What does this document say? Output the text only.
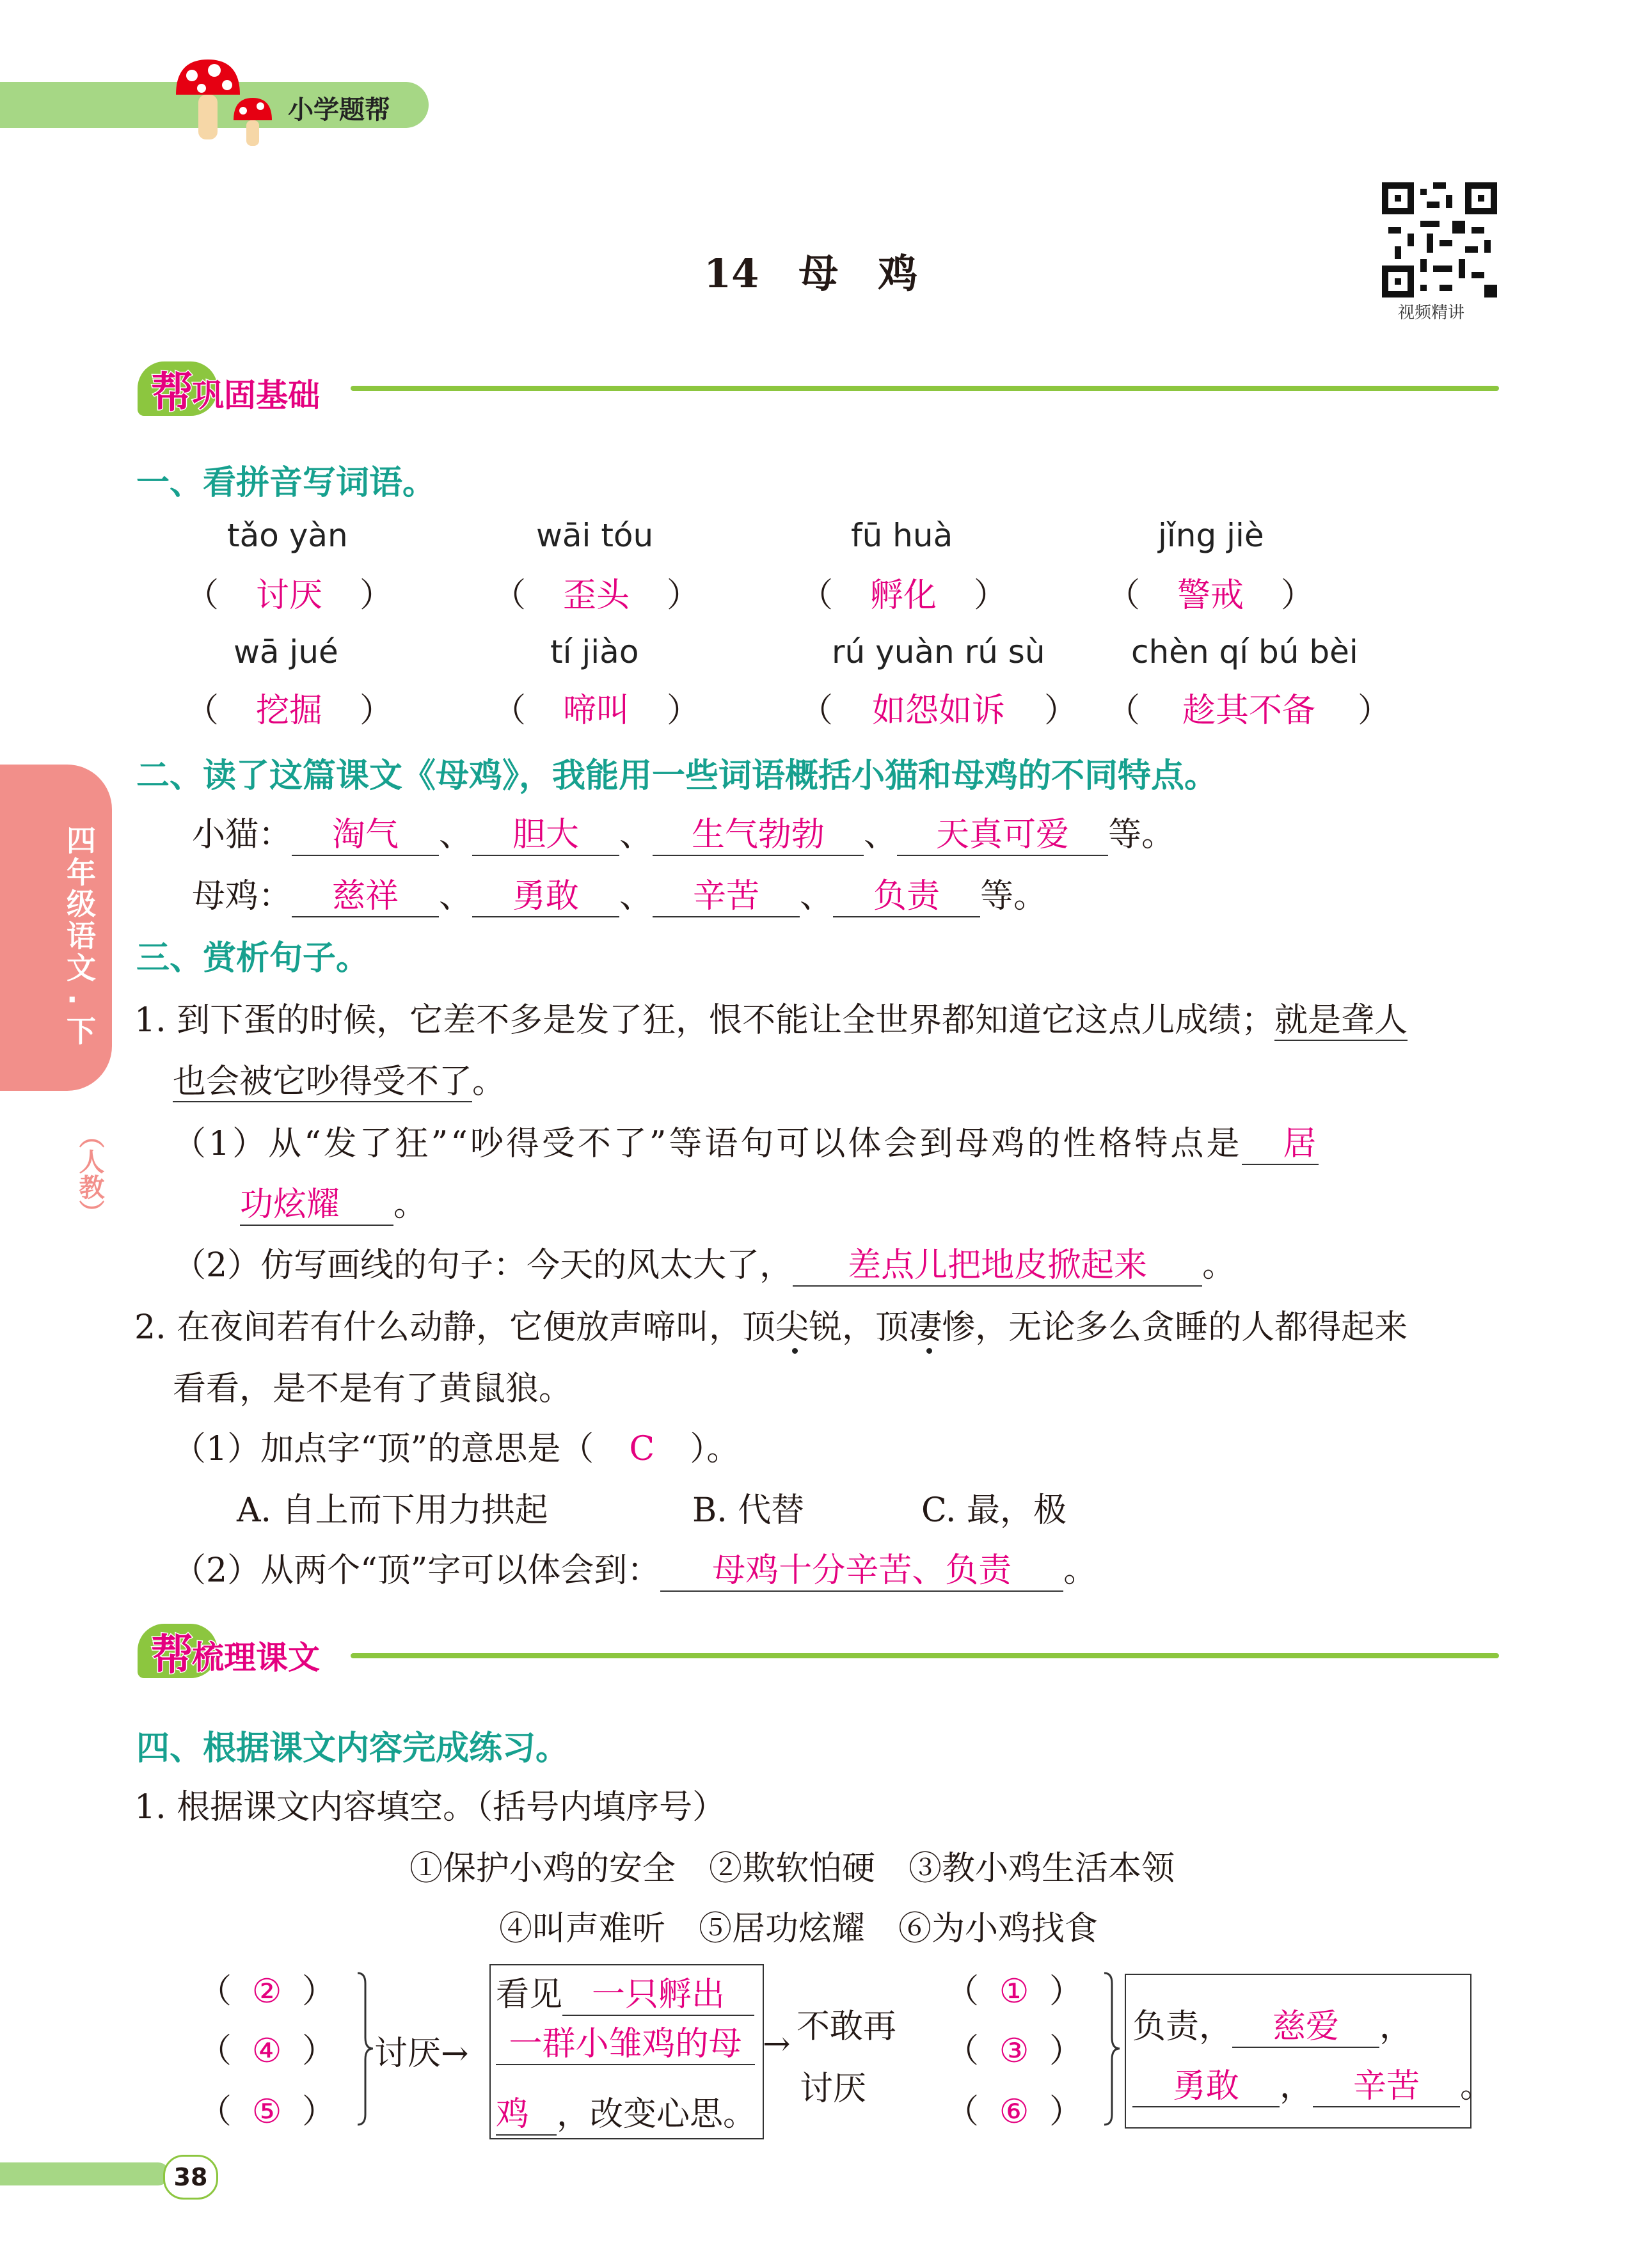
小学题帮
14　母　鸡
视频精讲
四年级语文·下
（人教）
帮
巩固基础
一、看拼音写词语。
tǎo yàn	wāi tóu	fū huà	jǐng jiè
（ 讨厌 ）	（ 歪头 ）	（ 孵化 ）	（ 警戒 ）
wā jué	tí jiào	rú yuàn rú sù	chèn qí bú bèi
（ 挖掘 ）	（ 啼叫 ）	（ 如怨如诉 ） （ 趁其不备 ）
二、读了这篇课文《母鸡》，我能用一些词语概括小猫和母鸡的不同特点。
小猫： 淘气 、 胆大 、 生气勃勃 、 天真可爱 等。
母鸡： 慈祥 、 勇敢 、 辛苦 、 负责 等。
三、赏析句子。
1. 到下蛋的时候，它差不多是发了狂，恨不能让全世界都知道它这点儿成绩；就是聋人
也会被它吵得受不了。
（1）从“发了狂”“吵得受不了”等语句可以体会到母鸡的性格特点是 居
功炫耀 。
（2）仿写画线的句子：今天的风太大了， 差点儿把地皮掀起来 。
2. 在夜间若有什么动静，它便放声啼叫，顶尖锐，顶凄惨，无论多么贪睡的人都得起来
看看，是不是有了黄鼠狼。
（1）加点字“顶”的意思是（ C ）。
A. 自上而下用力拱起	B. 代替	C. 最，极
（2）从两个“顶”字可以体会到： 母鸡十分辛苦、负责 。
帮
梳理课文
四、根据课文内容完成练习。
1. 根据课文内容填空。（括号内填序号）
①保护小鸡的安全　②欺软怕硬　③教小鸡生活本领
④叫声难听　⑤居功炫耀　⑥为小鸡找食
（ ② ）
（ ④ ）
（ ⑤ ）
讨厌→
看见 一只孵出
一群小雏鸡的母
鸡 ，改变心思。
→ 不敢再
讨厌
（ ① ）
（ ③ ）
（ ⑥ ）
负责， 慈爱 ，
勇敢 ， 辛苦 。
38
